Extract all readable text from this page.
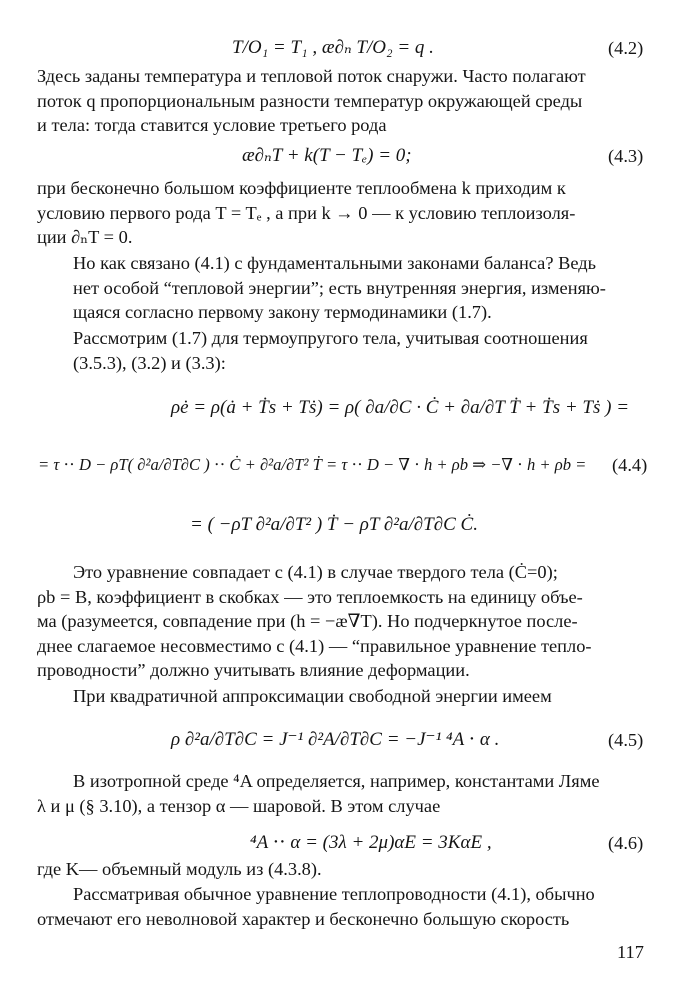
T/O₁ = T₁ , æ∂ₙ T/O₂ = q .	(4.2)
Здесь заданы температура и тепловой поток снаружи. Часто полагают
поток q пропорциональным разности температур окружающей среды
и тела: тогда ставится условие третьего рода
æ∂ₙT + k(T − Tₑ) = 0;	(4.3)
при бесконечно большом коэффициенте теплообмена k приходим к
условию первого рода T = Tₑ , а при k → 0 — к условию теплоизоля-
ции ∂ₙT = 0.
Но как связано (4.1) с фундаментальными законами баланса? Ведь
нет особой “тепловой энергии”; есть внутренняя энергия, изменяю-
щаяся согласно первому закону термодинамики (1.7).
Рассмотрим (1.7) для термоупругого тела, учитывая соотношения
(3.5.3), (3.2) и (3.3):
ρė = ρ(ȧ + Ṫs + Tṡ) = ρ( ∂a/∂C · Ċ + ∂a/∂T Ṫ + Ṫs + Tṡ ) =
= τ ⋅⋅ D − ρT( ∂²a/∂T∂C ) ⋅⋅ Ċ + ∂²a/∂T² Ṫ = τ ⋅⋅ D − ∇ ⋅ h + ρb ⇒ −∇ ⋅ h + ρb = (4.4)
= ( −ρT ∂²a/∂T² ) Ṫ − ρT ∂²a/∂T∂C Ċ.
Это уравнение совпадает с (4.1) в случае твердого тела (Ċ=0);
ρb = B, коэффициент в скобках — это теплоемкость на единицу объе-
ма (разумеется, совпадение при (h = −æ∇T). Но подчеркнутое после-
днее слагаемое несовместимо с (4.1) — “правильное уравнение тепло-
проводности” должно учитывать влияние деформации.
При квадратичной аппроксимации свободной энергии имеем
ρ ∂²a/∂T∂C = J⁻¹ ∂²A/∂T∂C = −J⁻¹ ⁴A ⋅ α .	(4.5)
В изотропной среде ⁴A определяется, например, константами Ляме
λ и μ (§ 3.10), а тензор α — шаровой. В этом случае
⁴A ⋅⋅ α = (3λ + 2μ)αE = 3KαE ,	(4.6)
где K— объемный модуль из (4.3.8).
Рассматривая обычное уравнение теплопроводности (4.1), обычно
отмечают его неволновой характер и бесконечно большую скорость
117
